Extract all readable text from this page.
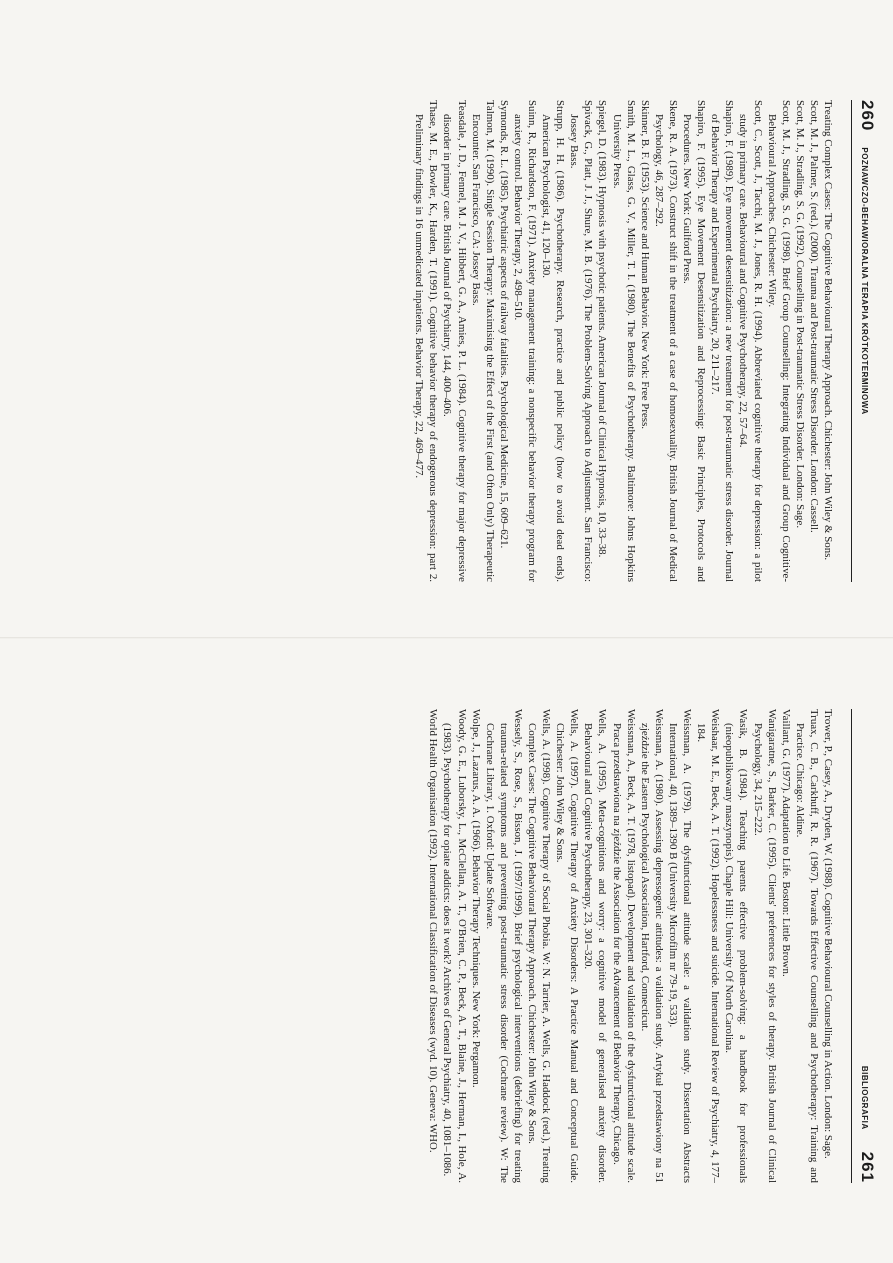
260
POZNAWCZO-BEHAWIORALNA TERAPIA KRÓTKOTERMINOWA
Treating Complex Cases: The Cognitive Behavioural Therapy Approach. Chichester: John Wiley & Sons.
Scott, M. J., Palmer, S. (red.). (2000). Trauma and Post-traumatic Stress Disorder. London: Cassell.
Scott, M. J., Stradling, S. G. (1992). Counselling in Post-traumatic Stress Disorder. London: Sage.
Scott, M. J., Stradling, S. G. (1998). Brief Group Counselling: Integrating Individual and Group Cognitive-Behavioural Approaches. Chichester: Wiley.
Scott, C., Scott, J., Tacchi, M. J., Jones, R. H. (1994). Abbreviated cognitive therapy for depression: a pilot study in primary care. Behavioural and Cognitive Psychotherapy, 22, 57–64.
Shapiro, F. (1989). Eye movement desensitization: a new treatment for post-traumatic stress disorder. Journal of Behavior Therapy and Experimental Psychiatry, 20, 211–217.
Shapiro, F. (1995). Eye Movement Desensitization and Reprocessing: Basic Principles, Protocols and Procedures. New York: Guilford Press.
Skene, R. A. (1973). Construct shift in the treatment of a case of homosexuality. British Journal of Medical Psychology, 46, 287–292.
Skinner, B. F. (1953). Science and Human Behavior. New York: Free Press.
Smith, M. L., Glass, G. V., Miller, T. I. (1980). The Benefits of Psychotherapy. Baltimore: Johns Hopkins University Press.
Spiegel, D. (1983). Hypnosis with psychotic patients. American Journal of Clinical Hypnosis, 10, 33–38.
Spivack, G., Platt, J. J., Shure, M. B. (1976). The Problem-Solving Approach to Adjustment. San Francisco: Jossey Bass.
Strupp, H. H. (1986). Psychotherapy. Research, practice and public policy (how to avoid dead ends). American Psychologist, 41, 120–130.
Suinn, R., Richardson, F. (1971). Anxiety management training: a nonspecific behavior therapy program for anxiety control. Behavior Therapy, 2, 498–510.
Symonds, R. L. (1985). Psychiatric aspects of railway fatalities. Psychological Medicine, 15, 609–621.
Talmon, M. (1990). Single Session Therapy: Maximising the Effect of the First (and Often Only) Therapeutic Encounter. San Francisco, CA: Jossey Bass.
Teasdale, J. D., Fennel, M. J. V., Hibbert, G. A., Amies, P. L. (1984). Cognitive therapy for major depressive disorder in primary care. British Journal of Psychiatry, 144, 400–406.
Thase, M. E., Bowler, K., Harden, T. (1991). Cognitive behavior therapy of endogenous depression: part 2. Preliminary findings in 16 unmedicated inpatients. Behavior Therapy, 22, 469–477.
BIBLIOGRAFIA
261
Trower, P., Casey, A., Dryden, W. (1988). Cognitive Behavioural Counselling in Action. London: Sage.
Truax, C. B., Carkhuff, R. R. (1967). Towards Effective Counselling and Psychotherapy: Training and Practice. Chicago: Aldine.
Vaillant, G. (1977). Adaptation to Life. Boston: Little Brown.
Wanigaratne, S., Barker, C. (1995). Clients' preferences for styles of therapy. British Journal of Clinical Psychology, 34, 215–222.
Wasik, B. (1984). Teaching parents effective problem-solving: a handbook for professionals (nieopublikowany maszynopis). Chaple Hill: University Of North Carolina.
Weishaar, M. E., Beck, A. T. (1992). Hopelessness and suicide. International Review of Psychiatry, 4, 177–184.
Weissman, A. (1979). The dysfunctional attitude scale: a validation study. Dissertation Abstracts International, 40, 1389–1390 B (University Microfilm nr 79-19, 533).
Weissman, A. (1980). Assessing depressogenic attitudes: a validation study. Artykuł przedstawiony na 51 zjeździe the Eastern Psychological Association, Hartford, Connecticut.
Weissman, A., Beck, A. T. (1978, listopad). Development and validation of the dysfunctional attitude scale. Praca przedstawiona na zjeździe the Association for the Advancement of Behavior Therapy, Chicago.
Wells, A. (1995). Meta-cognitions and worry: a cognitive model of generalised anxiety disorder. Behavioural and Cognitive Psychotherapy, 23, 301–320.
Wells, A. (1997). Cognitive Therapy of Anxiety Disorders: A Practice Manual and Conceptual Guide. Chichester: John Wiley & Sons.
Wells, A. (1998). Cognitive Therapy of Social Phobia. W: N. Tarrier, A. Wells, G. Haddock (red.), Treating Complex Cases: The Cognitive Behavioural Therapy Approach. Chichester: John Wiley & Sons.
Wessely, S., Rose, S., Bisson, J. (1997/1999). Brief psychological interventions (debriefing) for treating trauma-related symptoms and preventing post-traumatic stress disorder (Cochrane review). W: The Cochrane Library, 1. Oxford: Update Software.
Wolpe, J., Lazarus, A. A. (1966). Behavior Therapy Techniques. New York: Pergamon.
Woody, G. E., Luborsky, L., McClellan, A. T., O'Brien, C. P., Beck, A. T., Blaine, J., Herman, I., Hole, A. (1983). Psychotherapy for opiate addicts: does it work? Archives of General Psychiatry, 40, 1081–1086.
World Health Organisation (1992). International Classification of Diseases (wyd. 10). Geneva: WHO.
